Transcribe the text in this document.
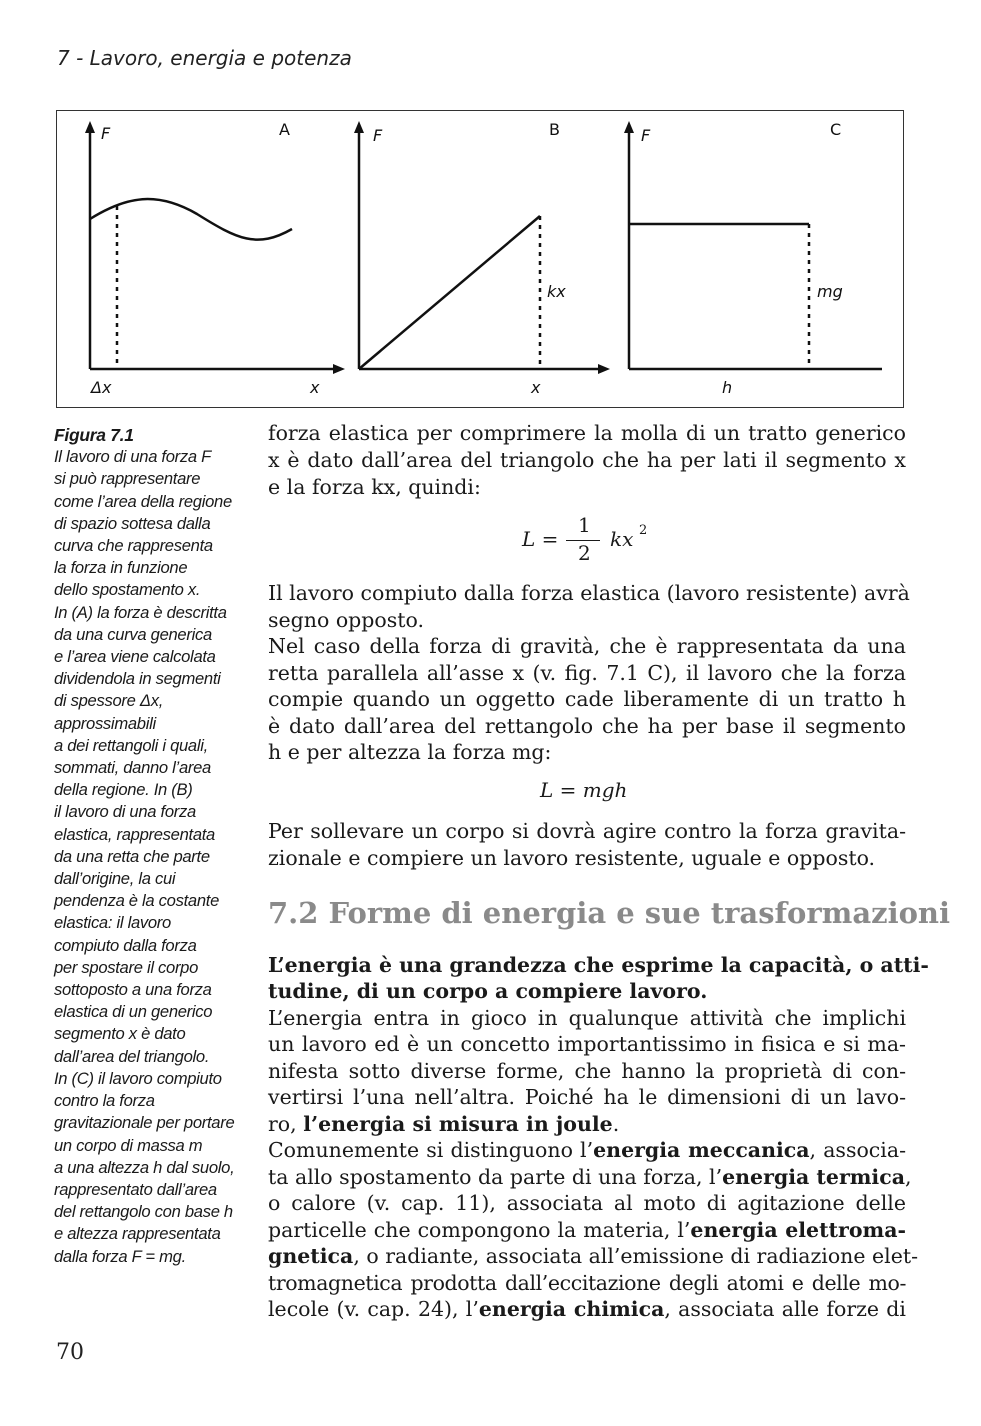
7 - Lavoro, energia e potenza
F	A
Δx	x
F	B
kx
x
F	C
mg
h
Figura 7.1
Il lavoro di una forza F
si può rappresentare
come l’area della regione
di spazio sottesa dalla
curva che rappresenta
la forza in funzione
dello spostamento x.
In (A) la forza è descritta
da una curva generica
e l’area viene calcolata
dividendola in segmenti
di spessore Δx,
approssimabili
a dei rettangoli i quali,
sommati, danno l’area
della regione. In (B)
il lavoro di una forza
elastica, rappresentata
da una retta che parte
dall’origine, la cui
pendenza è la costante
elastica: il lavoro
compiuto dalla forza
per spostare il corpo
sottoposto a una forza
elastica di un generico
segmento x è dato
dall’area del triangolo.
In (C) il lavoro compiuto
contro la forza
gravitazionale per portare
un corpo di massa m
a una altezza h dal suolo,
rappresentato dall’area
del rettangolo con base h
e altezza rappresentata
dalla forza F = mg.
forza elastica per comprimere la molla di un tratto generico
x è dato dall’area del triangolo che ha per lati il segmento x
e la forza kx, quindi:
L =
1
2
kx 2
Il lavoro compiuto dalla forza elastica (lavoro resistente) avrà
segno opposto.
Nel caso della forza di gravità, che è rappresentata da una
retta parallela all’asse x (v. fig. 7.1 C), il lavoro che la forza
compie quando un oggetto cade liberamente di un tratto h
è dato dall’area del rettangolo che ha per base il segmento
h e per altezza la forza mg:
L = mgh
Per sollevare un corpo si dovrà agire contro la forza gravita-
zionale e compiere un lavoro resistente, uguale e opposto.
L’energia è una grandezza che esprime la capacità, o atti-
tudine, di un corpo a compiere lavoro.
L’energia entra in gioco in qualunque attività che implichi
un lavoro ed è un concetto importantissimo in fisica e si ma-
nifesta sotto diverse forme, che hanno la proprietà di con-
vertirsi l’una nell’altra. Poiché ha le dimensioni di un lavo-
ro, l’energia si misura in joule.
Comunemente si distinguono l’energia meccanica, associa-
ta allo spostamento da parte di una forza, l’energia termica,
o calore (v. cap. 11), associata al moto di agitazione delle
particelle che compongono la materia, l’energia elettroma-
gnetica, o radiante, associata all’emissione di radiazione elet-
tromagnetica prodotta dall’eccitazione degli atomi e delle mo-
lecole (v. cap. 24), l’energia chimica, associata alle forze di
7.2 Forme di energia e sue trasformazioni
70
